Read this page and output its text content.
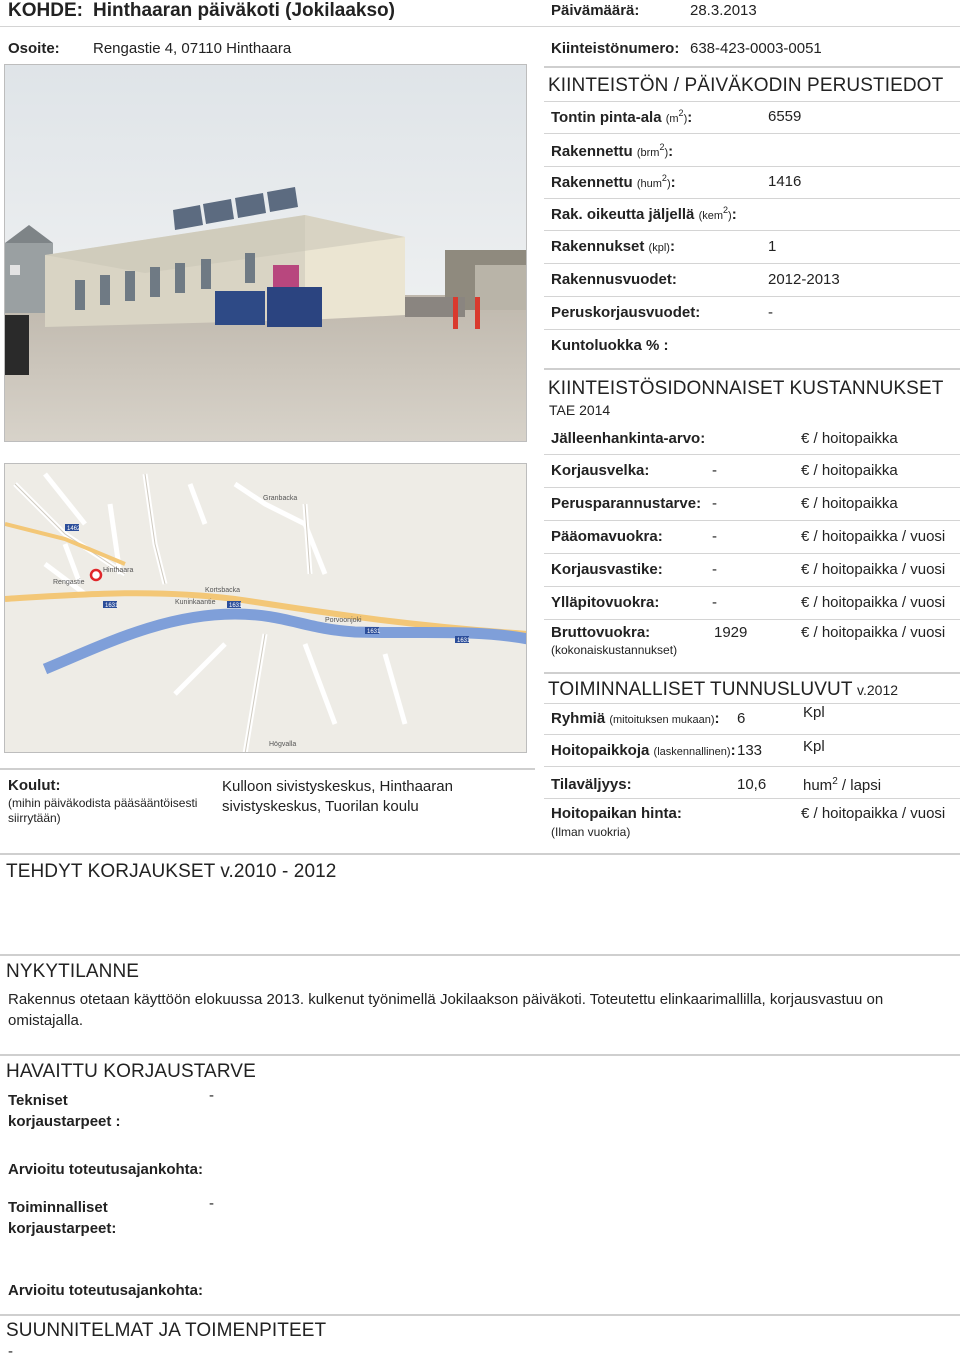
KOHDE: Hinthaaran päiväkoti (Jokilaakso)	Päivämäärä:	28.3.2013
Osoite: Rengastie 4, 07110 Hinthaara	Kiinteistönumero: 638-423-0003-0051
KIINTEISTÖN / PÄIVÄKODIN PERUSTIEDOT
Tontin pinta-ala $(m^2)$:	6559
Rakennettu (brm$^2$):
Rakennettu (hum$^2$):	1416
Rak. oikeutta jäljellä (kem$^2$):
Rakennukset (kpl):	1
Rakennusvuodet:	2012-2013
Peruskorjausvuodet:	-
Kuntoluokka % :
KIINTEISTÖSIDONNAISET KUSTANNUKSET
TAE 2014
Jälleenhankinta-arvo:	€ / hoitopaikka
Korjausvelka:	-	€ / hoitopaikka
Perusparannustarve: -	€ / hoitopaikka
Pääomavuokra:	-	€ / hoitopaikka / vuosi
Korjausvastike:	-	€ / hoitopaikka / vuosi
Ylläpitovuokra:	-	€ / hoitopaikka / vuosi
Bruttovuokra:	1929	€ / hoitopaikka / vuosi
(kokonaiskustannukset)
1462
1631	1631
1631
1631
Hinthaara
Rengastie
Kuninkaantie
Porvoonjoki
Granbacka
Kortsbacka
Högvalla
TOIMINNALLISET TUNNUSLUVUT v.2012
Ryhmiä (mitoituksen mukaan): 6	Kpl
Hoitopaikkoja (laskennallinen): 133	Kpl
Tilaväljyys:	10,6 hum$^2$ / lapsi
Hoitopaikan hinta:	€ / hoitopaikka / vuosi
(Ilman vuokria)
Koulut:
(mihin päiväkodista pääsääntöisesti siirrytään)
Kulloon sivistyskeskus, Hinthaaran sivistyskeskus, Tuorilan koulu
TEHDYT KORJAUKSET v.2010 - 2012
NYKYTILANNE
Rakennus otetaan käyttöön elokuussa 2013. kulkenut työnimellä Jokilaakson päiväkoti. Toteutettu elinkaarimallilla, korjausvastuu on omistajalla.
HAVAITTU KORJAUSTARVE
Tekniset korjaustarpeet :
-
Arvioitu toteutusajankohta:
Toiminnalliset korjaustarpeet:
-
Arvioitu toteutusajankohta:
SUUNNITELMAT JA TOIMENPITEET
-
